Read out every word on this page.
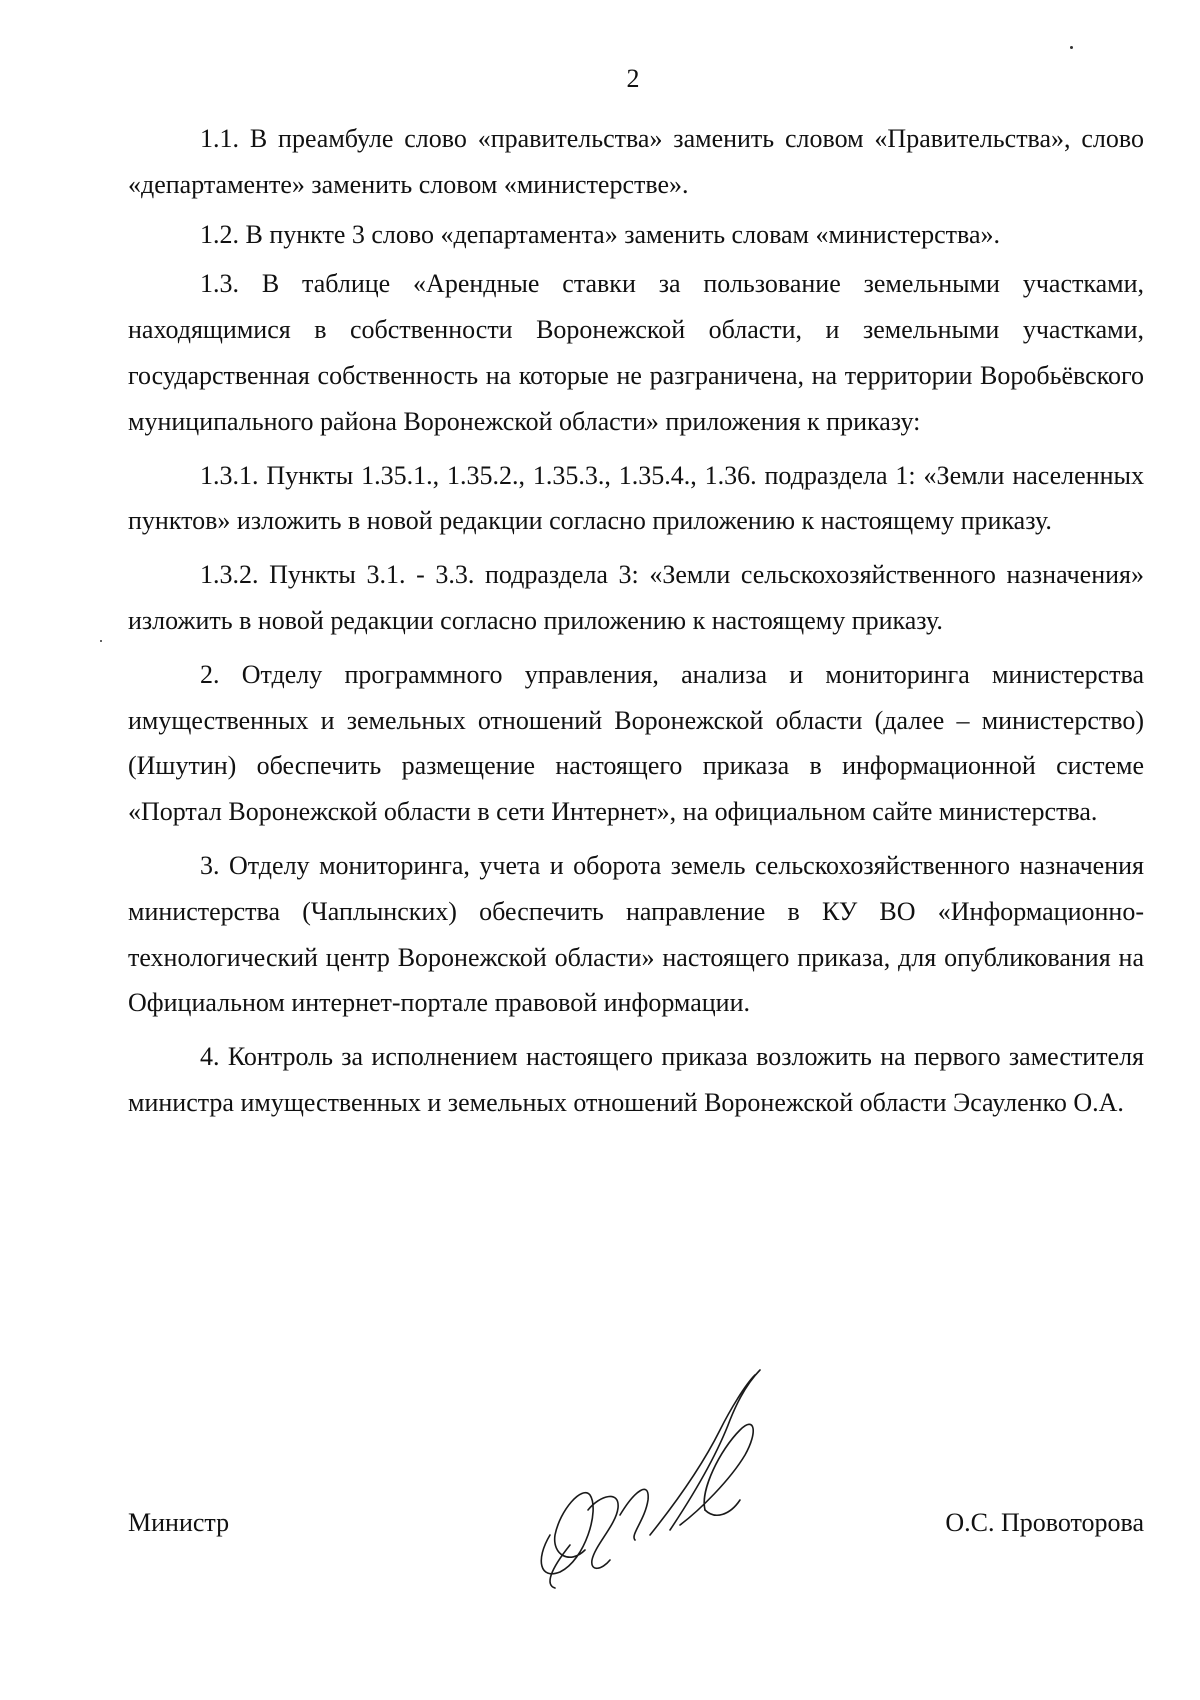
2

1.1. В преамбуле слово «правительства» заменить словом «Правительства», слово «департаменте» заменить словом «министерстве».

1.2. В пункте 3 слово «департамента» заменить словам «министерства».

1.3. В таблице «Арендные ставки за пользование земельными участками, находящимися в собственности Воронежской области, и земельными участками, государственная собственность на которые не разграничена, на территории Воробьёвского муниципального района Воронежской области» приложения к приказу:

1.3.1. Пункты 1.35.1., 1.35.2., 1.35.3., 1.35.4., 1.36. подраздела 1: «Земли населенных пунктов» изложить в новой редакции согласно приложению к настоящему приказу.

1.3.2. Пункты 3.1. - 3.3. подраздела 3: «Земли сельскохозяйственного назначения» изложить в новой редакции согласно приложению к настоящему приказу.

2. Отделу программного управления, анализа и мониторинга министерства имущественных и земельных отношений Воронежской области (далее – министерство) (Ишутин) обеспечить размещение настоящего приказа в информационной системе «Портал Воронежской области в сети Интернет», на официальном сайте министерства.

3. Отделу мониторинга, учета и оборота земель сельскохозяйственного назначения министерства (Чаплынских) обеспечить направление в КУ ВО «Информационно-технологический центр Воронежской области» настоящего приказа, для опубликования на Официальном интернет-портале правовой информации.

4. Контроль за исполнением настоящего приказа возложить на первого заместителя министра имущественных и земельных отношений Воронежской области Эсауленко О.А.

Министр	О.С. Провоторова
